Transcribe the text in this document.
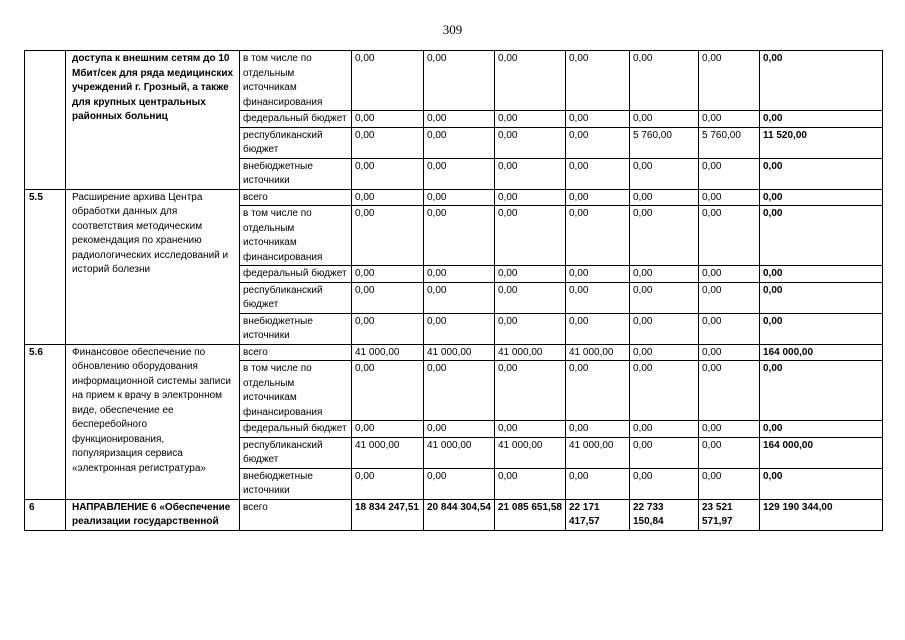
309
	доступа к внешним сетям до 10 Мбит/сек для ряда медицинских учреждений г. Грозный, а также для крупных центральных районных больниц	в том числе по отдельным источникам финансирования	0,00	0,00	0,00	0,00	0,00	0,00	0,00
		федеральный бюджет	0,00	0,00	0,00	0,00	0,00	0,00	0,00
		республиканский бюджет	0,00	0,00	0,00	0,00	5 760,00	5 760,00	11 520,00
		внебюджетные источники	0,00	0,00	0,00	0,00	0,00	0,00	0,00
5.5	Расширение архива Центра обработки данных для соответствия методическим рекомендация по хранению радиологических исследований и историй болезни	всего	0,00	0,00	0,00	0,00	0,00	0,00	0,00
		в том числе по отдельным источникам финансирования	0,00	0,00	0,00	0,00	0,00	0,00	0,00
		федеральный бюджет	0,00	0,00	0,00	0,00	0,00	0,00	0,00
		республиканский бюджет	0,00	0,00	0,00	0,00	0,00	0,00	0,00
		внебюджетные источники	0,00	0,00	0,00	0,00	0,00	0,00	0,00
5.6	Финансовое обеспечение по обновлению оборудования информационной системы записи на прием к врачу в электронном виде, обеспечение ее бесперебойного функционирования, популяризация сервиса «электронная регистратура»	всего	41 000,00	41 000,00	41 000,00	41 000,00	0,00	0,00	164 000,00
		в том числе по отдельным источникам финансирования	0,00	0,00	0,00	0,00	0,00	0,00	0,00
		федеральный бюджет	0,00	0,00	0,00	0,00	0,00	0,00	0,00
		республиканский бюджет	41 000,00	41 000,00	41 000,00	41 000,00	0,00	0,00	164 000,00
		внебюджетные источники	0,00	0,00	0,00	0,00	0,00	0,00	0,00
6	НАПРАВЛЕНИЕ 6 «Обеспечение реализации государственной	всего	18 834 247,51	20 844 304,54	21 085 651,58	22 171 417,57	22 733 150,84	23 521 571,97	129 190 344,00
